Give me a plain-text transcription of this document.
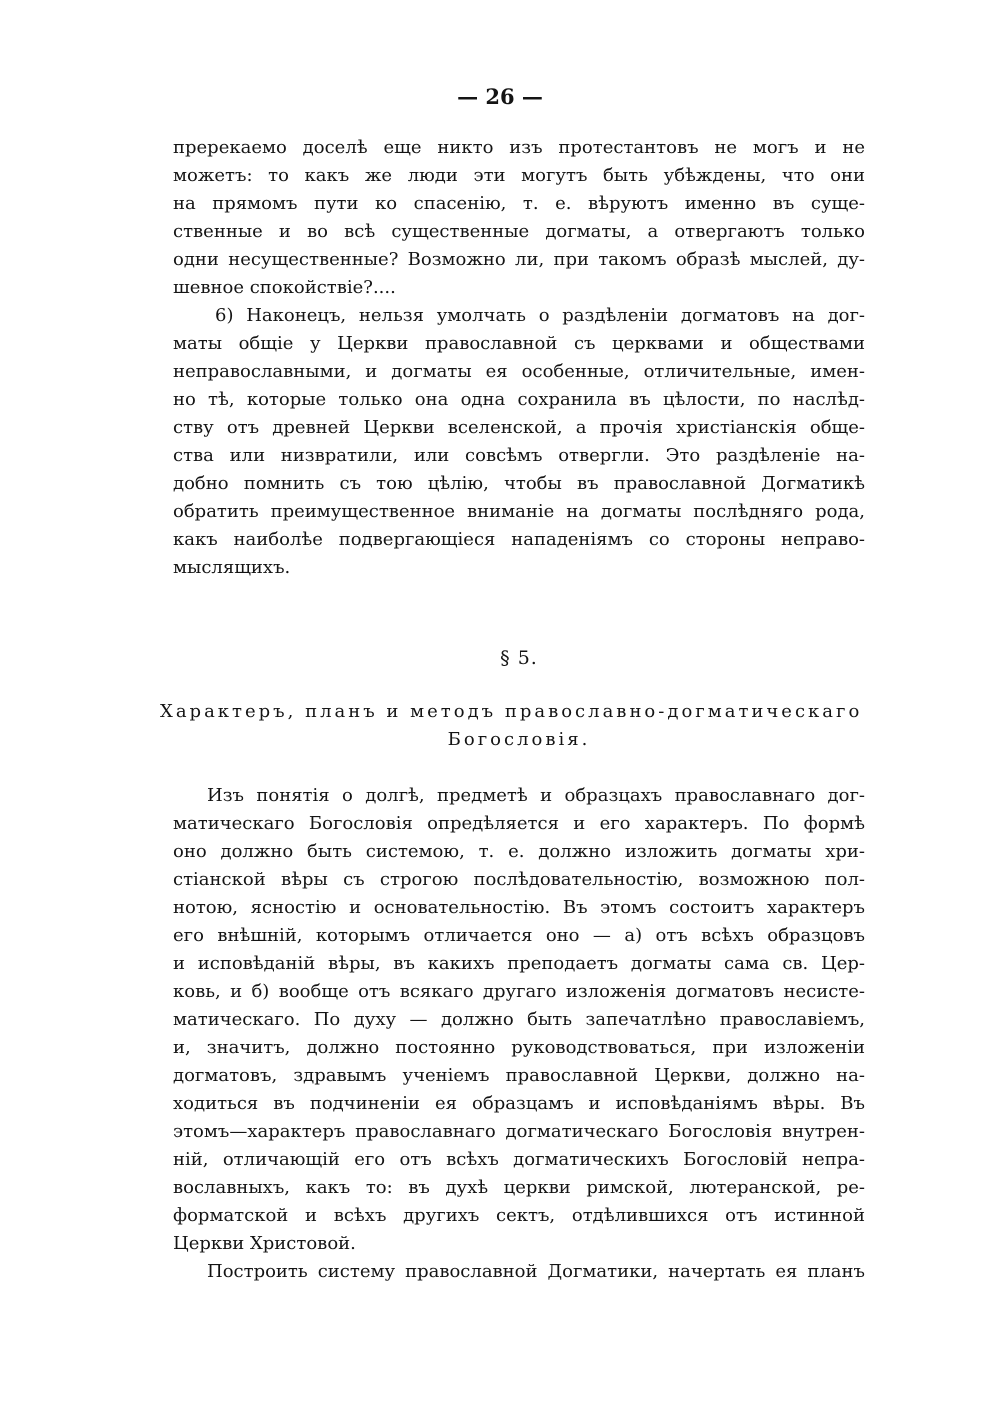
— 26 —
пререкаемо доселѣ еще никто изъ протестантовъ не могъ и не
можетъ: то какъ же люди эти могутъ быть убѣждены, что они
на прямомъ пути ко спасенію, т. е. вѣруютъ именно въ суще-
ственные и во всѣ существенные догматы, а отвергаютъ только
одни несущественные? Возможно ли, при такомъ образѣ мыслей, ду-
шевное спокойствіе?....
6) Наконецъ, нельзя умолчать о раздѣленіи догматовъ на дог-
маты общіе у Церкви православной съ церквами и обществами
неправославными, и догматы ея особенные, отличительные, имен-
но тѣ, которые только она одна сохранила въ цѣлости, по наслѣд-
ству отъ древней Церкви вселенской, а прочія христіанскія обще-
ства или низвратили, или совсѣмъ отвергли. Это раздѣленіе на-
добно помнить съ тою цѣлію, чтобы въ православной Догматикѣ
обратить преимущественное вниманіе на догматы послѣдняго рода,
какъ наиболѣе подвергающіеся нападеніямъ со стороны неправо-
мыслящихъ.
§ 5.
Характеръ, планъ и методъ православно-догматическаго
Богословія.
Изъ понятія о долгѣ, предметѣ и образцахъ православнаго дог-
матическаго Богословія опредѣляется и его характеръ. По формѣ
оно должно быть системою, т. е. должно изложить догматы хри-
стіанской вѣры съ строгою послѣдовательностію, возможною пол-
нотою, ясностію и основательностію. Въ этомъ состоитъ характеръ
его внѣшній, которымъ отличается оно — а) отъ всѣхъ образцовъ
и исповѣданій вѣры, въ какихъ преподаетъ догматы сама св. Цер-
ковь, и б) вообще отъ всякаго другаго изложенія догматовъ несисте-
матическаго. По духу — должно быть запечатлѣно православіемъ,
и, значитъ, должно постоянно руководствоваться, при изложеніи
догматовъ, здравымъ ученіемъ православной Церкви, должно на-
ходиться въ подчиненіи ея образцамъ и исповѣданіямъ вѣры. Въ
этомъ—характеръ православнаго догматическаго Богословія внутрен-
ній, отличающій его отъ всѣхъ догматическихъ Богословій непра-
вославныхъ, какъ то: въ духѣ церкви римской, лютеранской, ре-
форматской и всѣхъ другихъ сектъ, отдѣлившихся отъ истинной
Церкви Христовой.
Построить систему православной Догматики, начертать ея планъ
